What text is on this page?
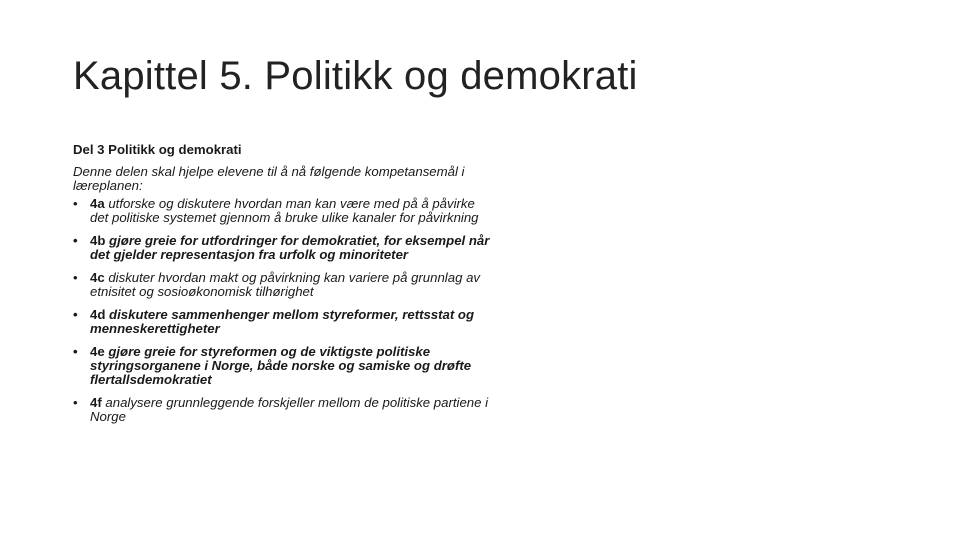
Kapittel 5. Politikk og demokrati
Del 3 Politikk og demokrati
Denne delen skal hjelpe elevene til å nå følgende kompetansemål i læreplanen:
• 4a utforske og diskutere hvordan man kan være med på å påvirke det politiske systemet gjennom å bruke ulike kanaler for påvirkning
• 4b gjøre greie for utfordringer for demokratiet, for eksempel når det gjelder representasjon fra urfolk og minoriteter
• 4c diskuter hvordan makt og påvirkning kan variere på grunnlag av etnisitet og sosioøkonomisk tilhørighet
• 4d diskutere sammenhenger mellom styreformer, rettsstat og menneskerettigheter
• 4e gjøre greie for styreformen og de viktigste politiske styringsorganene i Norge, både norske og samiske og drøfte flertallsdemokratiet
• 4f analysere grunnleggende forskjeller mellom de politiske partiene i Norge
